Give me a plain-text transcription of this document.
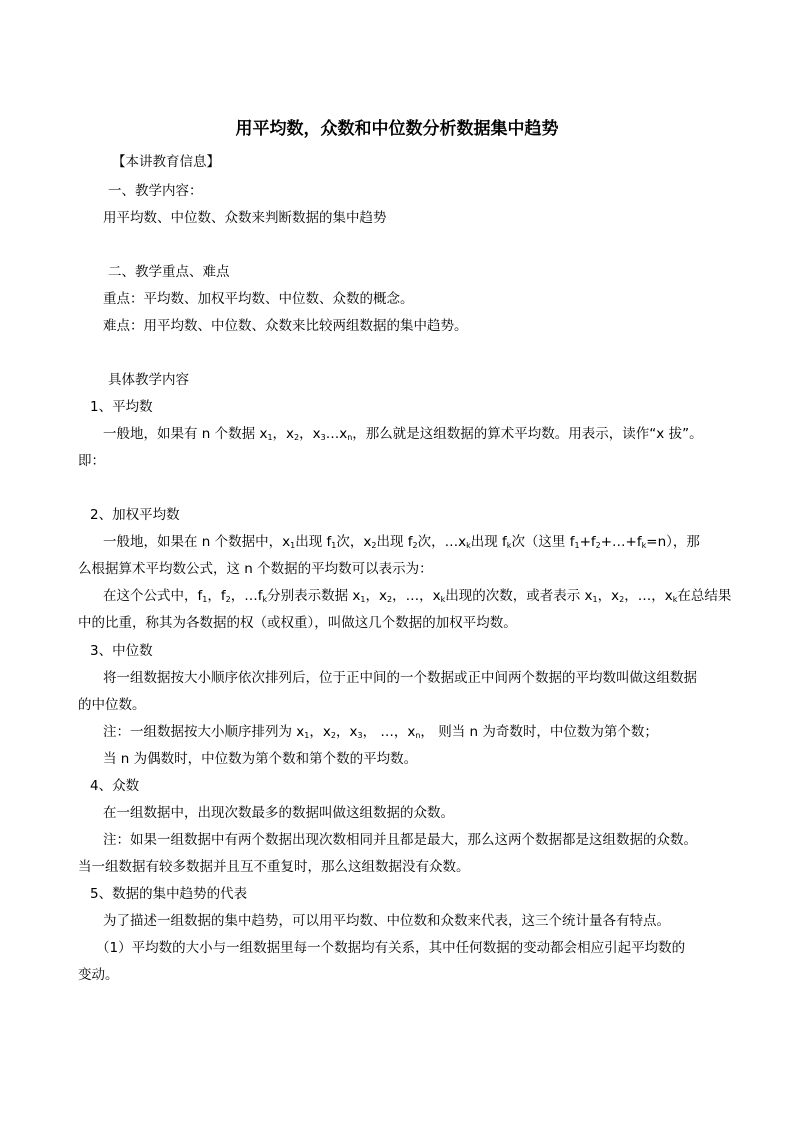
用平均数，众数和中位数分析数据集中趋势
【本讲教育信息】
一、教学内容：
用平均数、中位数、众数来判断数据的集中趋势
二、教学重点、难点
重点：平均数、加权平均数、中位数、众数的概念。
难点：用平均数、中位数、众数来比较两组数据的集中趋势。
具体教学内容
1、平均数
一般地，如果有 n 个数据 $x_1$，$x_2$，$x_3\dots x_n$，那么就是这组数据的算术平均数。用表示，读作“x 拔”。
即：
2、加权平均数
一般地，如果在 n 个数据中，$x_1$出现 $f_1$次，$x_2$出现 $f_2$次，$\dots x_k$出现 $f_k$次（这里 $f_1+f_2+\dots+f_k=n$），那
么根据算术平均数公式，这 n 个数据的平均数可以表示为：
在这个公式中，$f_1$，$f_2$，$\dots f_k$分别表示数据 $x_1$，$x_2$，…，$x_k$出现的次数，或者表示 $x_1$，$x_2$，…，$x_k$在总结果
中的比重，称其为各数据的权（或权重），叫做这几个数据的加权平均数。
3、中位数
将一组数据按大小顺序依次排列后，位于正中间的一个数据或正中间两个数据的平均数叫做这组数据
的中位数。
注：一组数据按大小顺序排列为 $x_1$，$x_2$，$x_3$， …，$x_n$， 则当 n 为奇数时，中位数为第个数；
当 n 为偶数时，中位数为第个数和第个数的平均数。
4、众数
在一组数据中，出现次数最多的数据叫做这组数据的众数。
注：如果一组数据中有两个数据出现次数相同并且都是最大，那么这两个数据都是这组数据的众数。
当一组数据有较多数据并且互不重复时，那么这组数据没有众数。
5、数据的集中趋势的代表
为了描述一组数据的集中趋势，可以用平均数、中位数和众数来代表，这三个统计量各有特点。
（1）平均数的大小与一组数据里每一个数据均有关系，其中任何数据的变动都会相应引起平均数的
变动。
